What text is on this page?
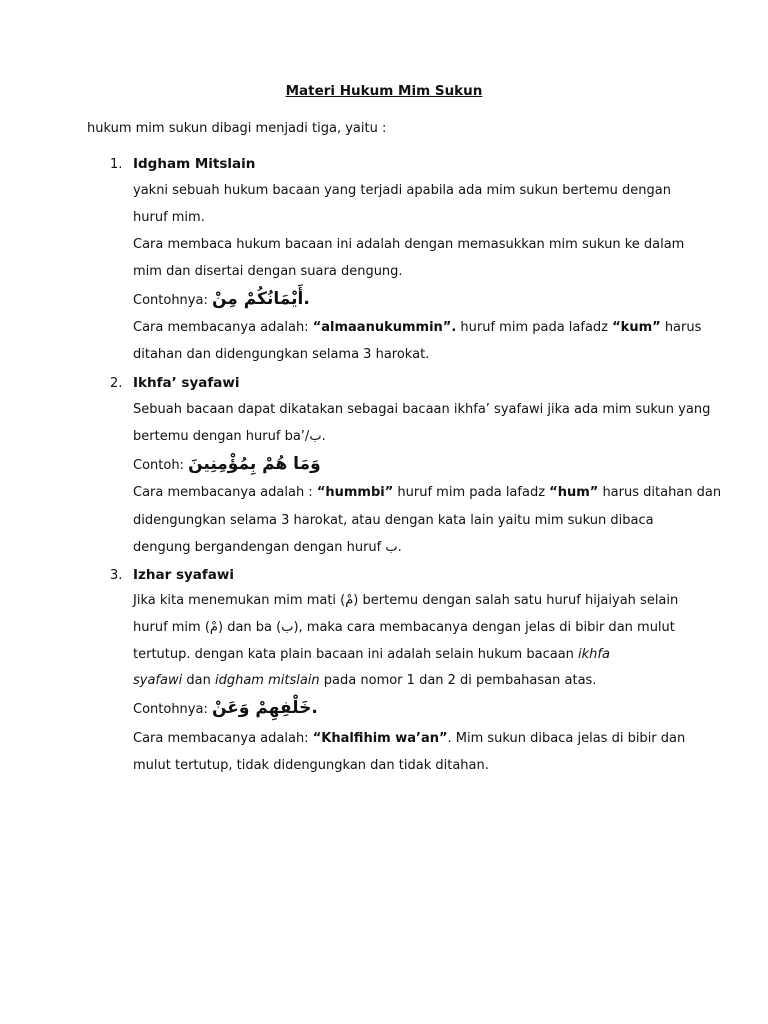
Materi Hukum Mim Sukun
hukum mim sukun dibagi menjadi tiga, yaitu :
1. Idgham Mitslain
yakni sebuah hukum bacaan yang terjadi apabila ada mim sukun bertemu dengan
huruf mim.
Cara membaca hukum bacaan ini adalah dengan memasukkan mim sukun ke dalam
mim dan disertai dengan suara dengung.
Contohnya: أَيْمَانُكُمْ مِنْ.
Cara membacanya adalah: “almaanukummin”. huruf mim pada lafadz “kum” harus
ditahan dan didengungkan selama 3 harokat.
2. Ikhfa’ syafawi
Sebuah bacaan dapat dikatakan sebagai bacaan ikhfa’ syafawi jika ada mim sukun yang
bertemu dengan huruf ba’/ب.
Contoh: وَمَا هُمْ بِمُؤْمِنِينَ
Cara membacanya adalah : “hummbi” huruf mim pada lafadz “hum” harus ditahan dan
didengungkan selama 3 harokat, atau dengan kata lain yaitu mim sukun dibaca
dengung bergandengan dengan huruf ب.
3. Izhar syafawi
Jika kita menemukan mim mati (مْ) bertemu dengan salah satu huruf hijaiyah selain
huruf mim (مْ) dan ba (ب), maka cara membacanya dengan jelas di bibir dan mulut
tertutup. dengan kata plain bacaan ini adalah selain hukum bacaan ikhfa
syafawi dan idgham mitslain pada nomor 1 dan 2 di pembahasan atas.
Contohnya: خَلْفِهِمْ وَعَنْ.
Cara membacanya adalah: “Khalfihim wa’an”. Mim sukun dibaca jelas di bibir dan
mulut tertutup, tidak didengungkan dan tidak ditahan.
